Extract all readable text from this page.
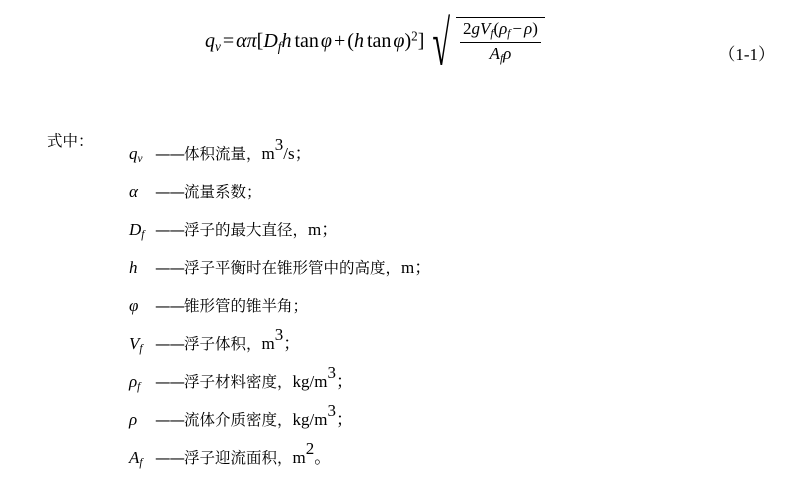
$q_v = \alpha\pi[D_fh$ tan φ + (h tan φ)$^2$] √ $\frac{2gV_f(\rho_f - \rho)}{A_f\rho}$	（1-1）
式中：
$q_v$ ——体积流量，m3/s；
α ——流量系数；
$D_f$ ——浮子的最大直径，m；
h ——浮子平衡时在锥形管中的高度，m；
φ ——锥形管的锥半角；
$V_f$ ——浮子体积，m3；
$\rho_f$ ——浮子材料密度，kg/m3；
ρ ——流体介质密度，kg/m3；
$A_f$ ——浮子迎流面积，m2。
